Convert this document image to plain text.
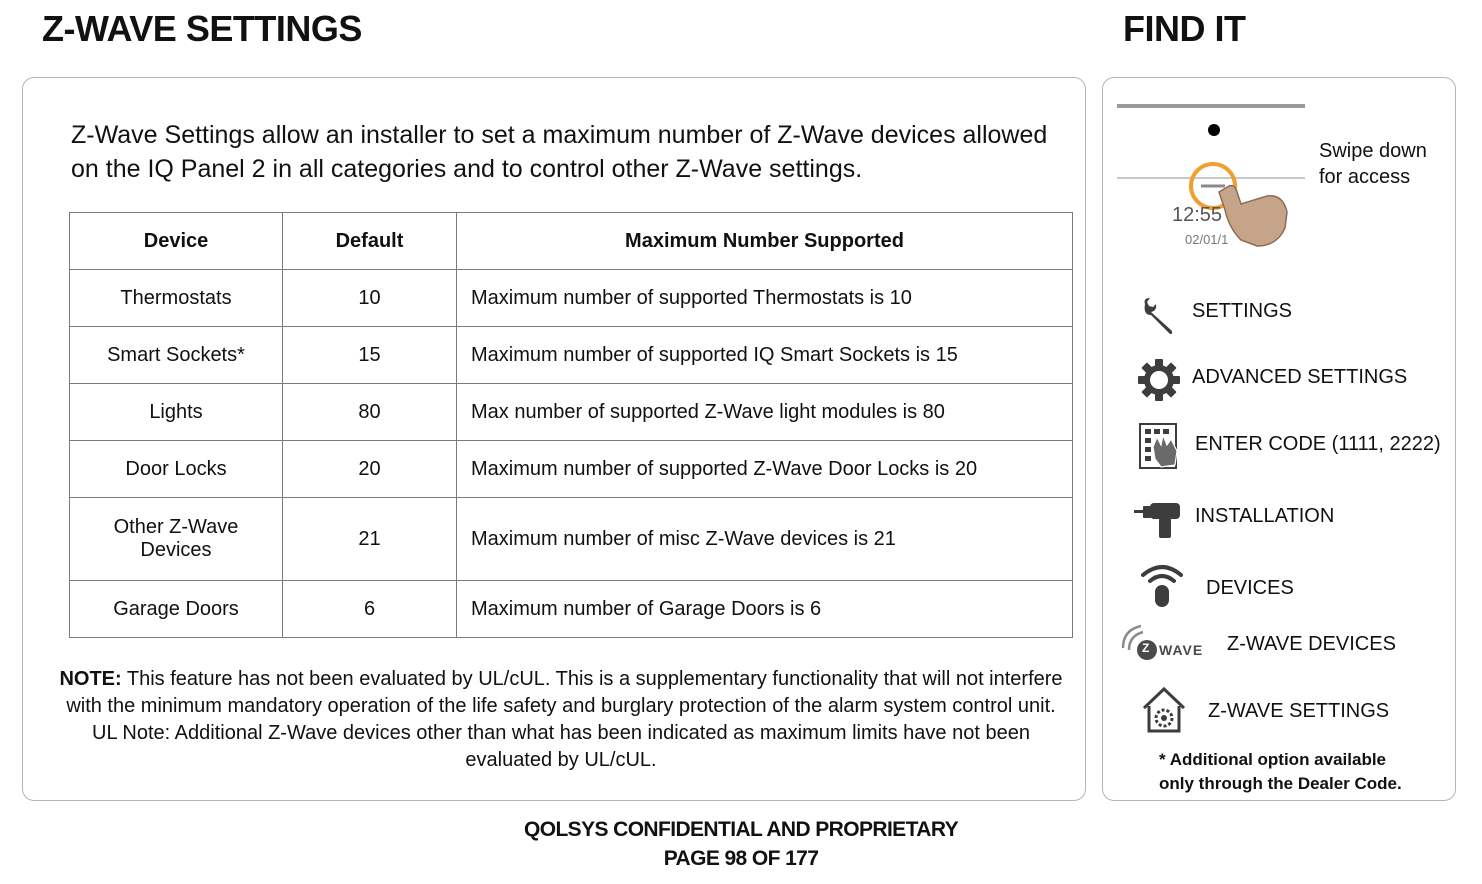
Z-WAVE SETTINGS	FIND IT
Z-Wave Settings allow an installer to set a maximum number of Z-Wave devices allowed on the IQ Panel 2 in all categories and to control other Z-Wave settings.
Device	Default	Maximum Number Supported
Thermostats	10	Maximum number of supported Thermostats is 10
Smart Sockets*	15	Maximum number of supported IQ Smart Sockets is 15
Lights	80	Max number of supported Z-Wave light modules is 80
Door Locks	20	Maximum number of supported Z-Wave Door Locks is 20
Other Z-Wave Devices	21	Maximum number of misc Z-Wave devices is 21
Garage Doors	6	Maximum number of Garage Doors is 6
NOTE: This feature has not been evaluated by UL/cUL. This is a supplementary functionality that will not interfere with the minimum mandatory operation of the life safety and burglary protection of the alarm system control unit. UL Note: Additional Z-Wave devices other than what has been indicated as maximum limits have not been evaluated by UL/cUL.
12:55
02/01/1
Swipe down
for access
SETTINGS
ADVANCED SETTINGS
ENTER CODE (1111, 2222)
INSTALLATION
DEVICES
Z WAVE Z-WAVE DEVICES
Z-WAVE SETTINGS
* Additional option available
only through the Dealer Code.
QOLSYS CONFIDENTIAL AND PROPRIETARY
PAGE 98 OF 177
